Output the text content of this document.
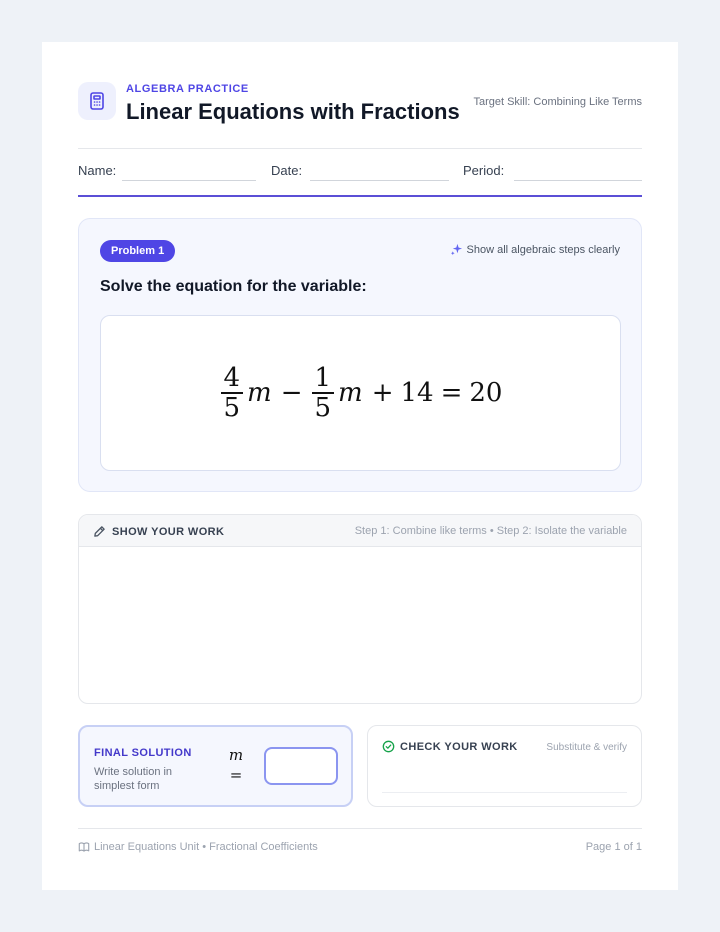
ALGEBRA PRACTICE
Linear Equations with Fractions Target Skill: Combining Like Terms
Name:	Date:	Period:
Problem 1	Show all algebraic steps clearly
Solve the equation for the variable:
$\frac{4}{5}$ $m - \frac{1}{5}$ m + 14 = 20
SHOW YOUR WORK	Step 1: Combine like terms • Step 2: Isolate the variable
FINAL SOLUTION
Write solution in simplest form
m
=
CHECK YOUR WORK	Substitute & verify
Linear Equations Unit • Fractional Coefficients	Page 1 of 1
